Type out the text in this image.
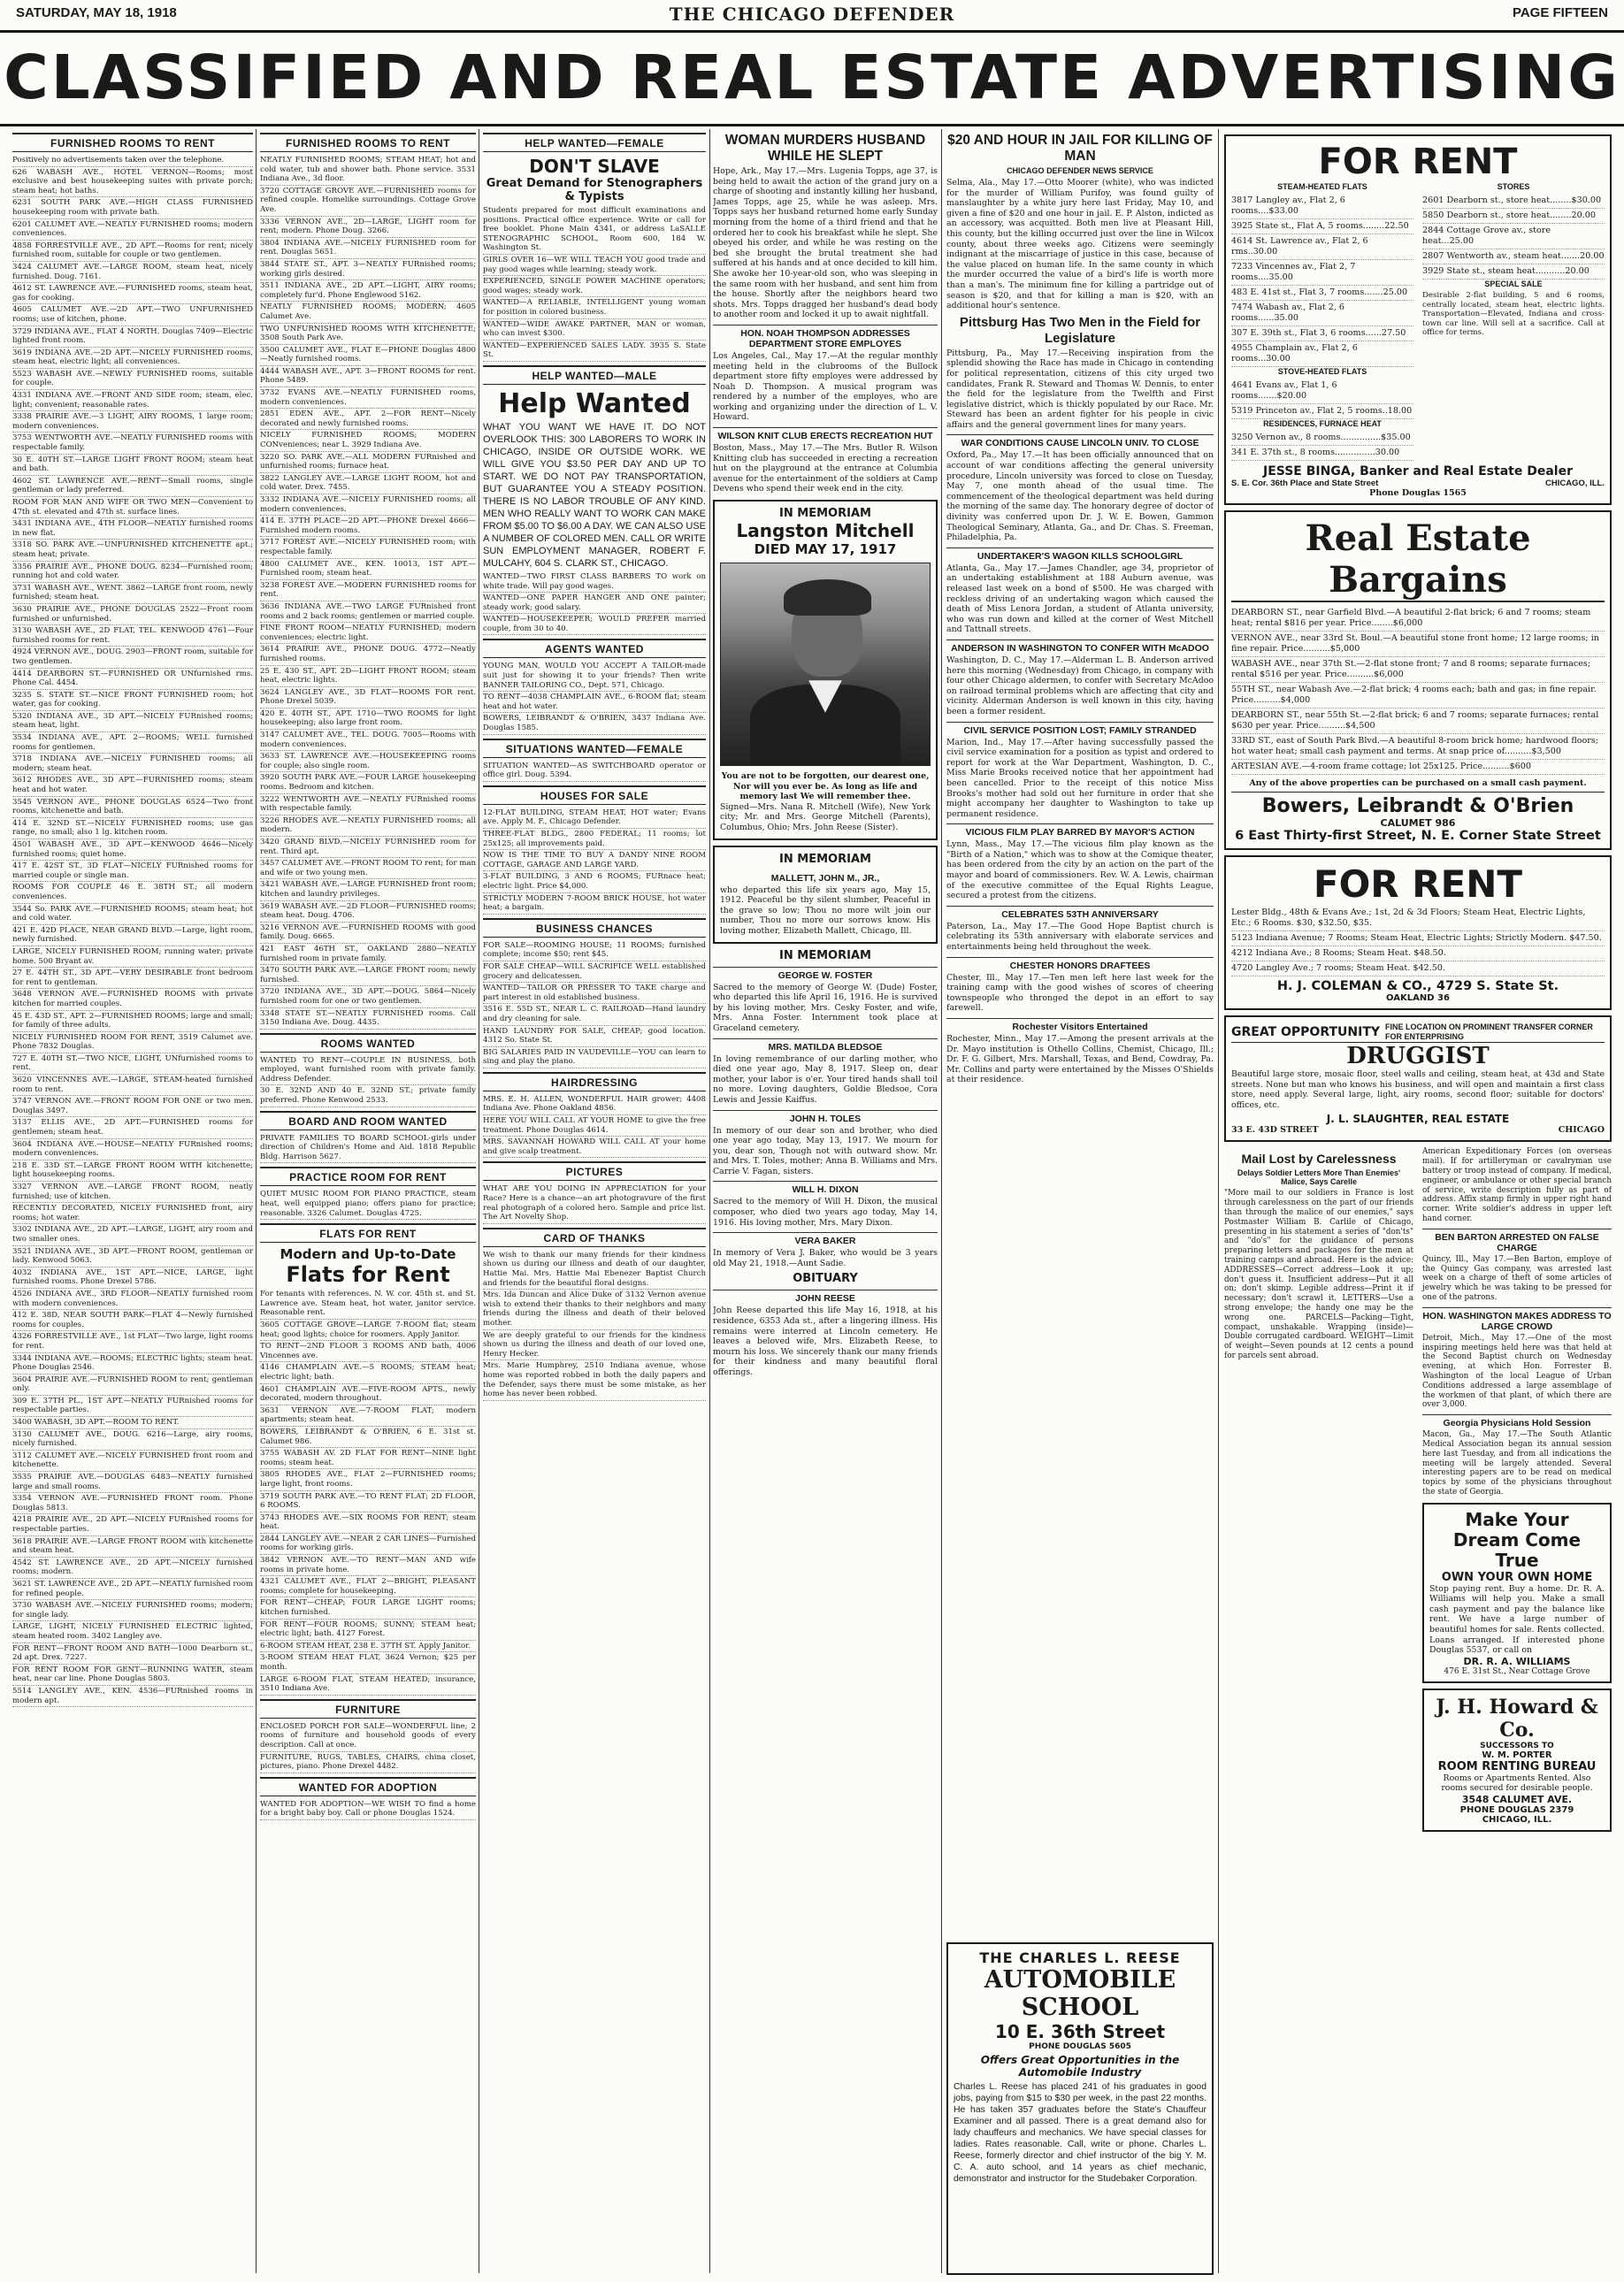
SATURDAY, MAY 18, 1918	THE CHICAGO DEFENDER	PAGE FIFTEEN
CLASSIFIED AND REAL ESTATE ADVERTISING
FURNISHED ROOMS TO RENT
Positively no advertisements taken over the telephone.
626 WABASH AVE., HOTEL VERNON—Rooms; most exclusive and best housekeeping suites with private porch; steam heat; hot baths.
6231 SOUTH PARK AVE.—HIGH CLASS FURNISHED housekeeping room with private bath.
6201 CALUMET AVE.—NEATLY FURNISHED rooms; modern conveniences.
4858 FORRESTVILLE AVE., 2D APT.—Rooms for rent; nicely furnished room, suitable for couple or two gentlemen.
3424 CALUMET AVE.—LARGE ROOM, steam heat, nicely furnished. Doug. 7161.
4612 ST. LAWRENCE AVE.—FURNISHED rooms, steam heat, gas for cooking.
4605 CALUMET AVE.—2D APT.—TWO UNFURNISHED rooms; use of kitchen, phone.
3729 INDIANA AVE., FLAT 4 NORTH. Douglas 7409—Electric lighted front room.
3619 INDIANA AVE.—2D APT.—NICELY FURNISHED rooms, steam heat, electric light; all conveniences.
5523 WABASH AVE.—NEWLY FURNISHED rooms, suitable for couple.
4331 INDIANA AVE.—FRONT AND SIDE room; steam, elec. light; convenient; reasonable rates.
3338 PRAIRIE AVE.—3 LIGHT, AIRY ROOMS, 1 large room; modern conveniences.
3753 WENTWORTH AVE.—NEATLY FURNISHED rooms with respectable family.
30 E. 40TH ST.—LARGE LIGHT FRONT ROOM; steam heat and bath.
4602 ST. LAWRENCE AVE.—RENT—Small rooms, single gentleman or lady preferred.
ROOM FOR MAN AND WIFE OR TWO MEN—Convenient to 47th st. elevated and 47th st. surface lines.
3431 INDIANA AVE., 4TH FLOOR—NEATLY furnished rooms in new flat.
3318 SO. PARK AVE.—UNFURNISHED KITCHENETTE apt.; steam heat; private.
3356 PRAIRIE AVE., PHONE DOUG. 8234—Furnished room; running hot and cold water.
3731 WABASH AVE., WENT. 3862—LARGE front room, newly furnished; steam heat.
3630 PRAIRIE AVE., PHONE DOUGLAS 2522—Front room furnished or unfurnished.
3130 WABASH AVE., 2D FLAT, TEL. KENWOOD 4761—Four furnished rooms for rent.
4924 VERNON AVE., DOUG. 2903—FRONT room, suitable for two gentlemen.
4414 DEARBORN ST.—FURNISHED OR UNfurnished rms. Phone Cal. 4454.
3235 S. STATE ST.—NICE FRONT FURNISHED room; hot water, gas for cooking.
5320 INDIANA AVE., 3D APT.—NICELY FURnished rooms; steam heat, light.
3534 INDIANA AVE., APT. 2—ROOMS; WELL furnished rooms for gentlemen.
3718 INDIANA AVE.—NICELY FURNISHED rooms; all modern; steam heat.
3612 RHODES AVE., 3D APT.—FURNISHED rooms; steam heat and hot water.
3545 VERNON AVE., PHONE DOUGLAS 6524—Two front rooms, kitchenette and bath.
414 E. 32ND ST.—NICELY FURNISHED rooms; use gas range, no small; also 1 lg. kitchen room.
4501 WABASH AVE., 3D APT.—KENWOOD 4646—Nicely furnished rooms; quiet home.
417 E. 42ST ST., 3D FLAT—NICELY FURnished rooms for married couple or single man.
ROOMS FOR COUPLE 46 E. 38TH ST.; all modern conveniences.
3544 So. PARK AVE.—FURNISHED ROOMS; steam heat; hot and cold water.
421 E. 42D PLACE, NEAR GRAND BLVD.—Large, light room, newly furnished.
LARGE, NICELY FURNISHED ROOM; running water; private home. 500 Bryant av.
27 E. 44TH ST., 3D APT.—VERY DESIRABLE front bedroom for rent to gentleman.
3648 VERNON AVE.—FURNISHED ROOMS with private kitchen for married couples.
45 E. 43D ST., APT. 2—FURNISHED ROOMS; large and small; for family of three adults.
NICELY FURNISHED ROOM FOR RENT, 3519 Calumet ave. Phone 7832 Douglas.
727 E. 40TH ST.—TWO NICE, LIGHT, UNfurnished rooms to rent.
3620 VINCENNES AVE.—LARGE, STEAM-heated furnished room to rent.
3747 VERNON AVE.—FRONT ROOM FOR ONE or two men. Douglas 3497.
3137 ELLIS AVE., 2D APT.—FURNISHED rooms for gentlemen; steam heat.
3604 INDIANA AVE.—HOUSE—NEATLY FURnished rooms; modern conveniences.
218 E. 33D ST.—LARGE FRONT ROOM WITH kitchenette; light housekeeping rooms.
3327 VERNON AVE.—LARGE FRONT ROOM, neatly furnished; use of kitchen.
RECENTLY DECORATED, NICELY FURNISHED front, airy rooms; hot water.
3302 INDIANA AVE., 2D APT.—LARGE, LIGHT, airy room and two smaller ones.
3521 INDIANA AVE., 3D APT.—FRONT ROOM, gentleman or lady. Kenwood 5063.
4032 INDIANA AVE., 1ST APT.—NICE, LARGE, light furnished rooms. Phone Drexel 5786.
4526 INDIANA AVE., 3RD FLOOR—NEATLY furnished room with modern conveniences.
412 E. 38D, NEAR SOUTH PARK—FLAT 4—Newly furnished rooms for couples.
4326 FORRESTVILLE AVE., 1st FLAT—Two large, light rooms for rent.
3344 INDIANA AVE.—ROOMS; ELECTRIC lights; steam heat. Phone Douglas 2546.
3604 PRAIRIE AVE.—FURNISHED ROOM to rent; gentleman only.
309 E. 37TH PL., 1ST APT.—NEATLY FURnished rooms for respectable parties.
3400 WABASH, 3D APT.—ROOM TO RENT.
3130 CALUMET AVE., DOUG. 6216—Large, airy rooms, nicely furnished.
3112 CALUMET AVE.—NICELY FURNISHED front room and kitchenette.
3535 PRAIRIE AVE.—DOUGLAS 6483—NEATLY furnished large and small rooms.
3354 VERNON AVE.—FURNISHED FRONT room. Phone Douglas 5813.
4218 PRAIRIE AVE., 2D APT.—NICELY FURnished rooms for respectable parties.
3618 PRAIRIE AVE.—LARGE FRONT ROOM with kitchenette and steam heat.
4542 ST. LAWRENCE AVE., 2D APT.—NICELY furnished rooms; modern.
3621 ST. LAWRENCE AVE., 2D APT.—NEATLY furnished room for refined people.
3730 WABASH AVE.—NICELY FURNISHED rooms; modern; for single lady.
LARGE, LIGHT, NICELY FURNISHED ELECTRIC lighted, steam heated room. 3402 Langley ave.
FOR RENT—FRONT ROOM AND BATH—1000 Dearborn st., 2d apt. Drex. 7227.
FOR RENT ROOM FOR GENT—RUNNING WATER, steam heat, near car line. Phone Douglas 5803.
5514 LANGLEY AVE., KEN. 4536—FURnished rooms in modern apt.
FURNISHED ROOMS TO RENT
NEATLY FURNISHED ROOMS; STEAM HEAT; hot and cold water, tub and shower bath. Phone service. 3531 Indiana Ave., 3d floor.
3720 COTTAGE GROVE AVE.—FURNISHED rooms for refined couple. Homelike surroundings. Cottage Grove Ave.
3336 VERNON AVE., 2D—LARGE, LIGHT room for rent; modern. Phone Doug. 3266.
3804 INDIANA AVE.—NICELY FURNISHED room for rent. Douglas 5651.
3844 STATE ST., APT. 3—NEATLY FURnished rooms; working girls desired.
3511 INDIANA AVE., 2D APT.—LIGHT, AIRY rooms; completely fur'd. Phone Englewood 5162.
NEATLY FURNISHED ROOMS; MODERN; 4605 Calumet Ave.
TWO UNFURNISHED ROOMS WITH KITCHENETTE; 3508 South Park Ave.
3500 CALUMET AVE., FLAT E—PHONE Douglas 4800—Neatly furnished rooms.
4444 WABASH AVE., APT. 3—FRONT ROOMS for rent. Phone 5489.
3732 EVANS AVE.—NEATLY FURNISHED rooms, modern conveniences.
2851 EDEN AVE., APT. 2—FOR RENT—Nicely decorated and newly furnished rooms.
NICELY FURNISHED ROOMS; MODERN CONveniences; near L. 3929 Indiana Ave.
3220 SO. PARK AVE.—ALL MODERN FURnished and unfurnished rooms; furnace heat.
3822 LANGLEY AVE.—LARGE LIGHT ROOM, hot and cold water. Drex. 7455.
3332 INDIANA AVE.—NICELY FURNISHED rooms; all modern conveniences.
414 E. 37TH PLACE—2D APT.—PHONE Drexel 4666—Furnished modern rooms.
3717 FOREST AVE.—NICELY FURNISHED room; with respectable family.
4800 CALUMET AVE., KEN. 10013, 1ST APT.—Furnished room; steam heat.
3238 FOREST AVE.—MODERN FURNISHED rooms for rent.
3636 INDIANA AVE.—TWO LARGE FURnished front rooms and 2 back rooms; gentlemen or married couple.
FINE FRONT ROOM—NEATLY FURNISHED; modern conveniences; electric light.
3614 PRAIRIE AVE., PHONE DOUG. 4772—Neatly furnished rooms.
25 E. 430 ST., APT. 2D—LIGHT FRONT ROOM; steam heat, electric lights.
3624 LANGLEY AVE., 3D FLAT—ROOMS FOR rent. Phone Drexel 5039.
420 E. 40TH ST., APT. 1710—TWO ROOMS for light housekeeping; also large front room.
3147 CALUMET AVE., TEL. DOUG. 7005—Rooms with modern conveniences.
3633 ST. LAWRENCE AVE.—HOUSEKEEPING rooms for couple; also single room.
3920 SOUTH PARK AVE.—FOUR LARGE housekeeping rooms. Bedroom and kitchen.
3222 WENTWORTH AVE.—NEATLY FURnished rooms with respectable family.
3226 RHODES AVE.—NEATLY FURNISHED rooms; all modern.
3420 GRAND BLVD.—NICELY FURNISHED room for rent. Third apt.
3457 CALUMET AVE.—FRONT ROOM TO rent; for man and wife or two young men.
3421 WABASH AVE.—LARGE FURNISHED front room; kitchen and laundry privileges.
3619 WABASH AVE.—2D FLOOR—FURNISHED rooms; steam heat. Doug. 4706.
3216 VERNON AVE.—FURNISHED ROOMS with good family. Doug. 6665.
421 EAST 46TH ST., OAKLAND 2880—NEATLY furnished room in private family.
3470 SOUTH PARK AVE.—LARGE FRONT room; newly furnished.
3720 INDIANA AVE., 3D APT.—DOUG. 5864—Nicely furnished room for one or two gentlemen.
3348 STATE ST.—NEATLY FURNISHED rooms. Call 3150 Indiana Ave. Doug. 4435.
ROOMS WANTED
WANTED TO RENT—COUPLE IN BUSINESS, both employed, want furnished room with private family. Address Defender.
30 E. 32ND AND 40 E. 32ND ST.; private family preferred. Phone Kenwood 2533.
BOARD AND ROOM WANTED
PRIVATE FAMILIES TO BOARD SCHOOL-girls under direction of Children's Home and Aid. 1818 Republic Bldg. Harrison 5627.
PRACTICE ROOM FOR RENT
QUIET MUSIC ROOM FOR PIANO PRACTICE, steam heat, well equipped piano; offers piano for practice; reasonable. 3326 Calumet. Douglas 4725.
FLATS FOR RENT
Modern and Up-to-Date
Flats for Rent
For tenants with references. N. W. cor. 45th st. and St. Lawrence ave. Steam heat, hot water, janitor service. Reasonable rent.
3605 COTTAGE GROVE—LARGE 7-ROOM flat; steam heat; good lights; choice for roomers. Apply Janitor.
TO RENT—2ND FLOOR 3 ROOMS AND bath, 4006 Vincennes ave.
4146 CHAMPLAIN AVE.—5 ROOMS; STEAM heat; electric light; bath.
4601 CHAMPLAIN AVE.—FIVE-ROOM APTS., newly decorated, modern throughout.
3631 VERNON AVE.—7-ROOM FLAT; modern apartments; steam heat.
BOWERS, LEIBRANDT & O'BRIEN, 6 E. 31st st. Calumet 986.
3755 WABASH AV. 2D FLAT FOR RENT—NINE light rooms; steam heat.
3805 RHODES AVE., FLAT 2—FURNISHED rooms; large light, front rooms.
3719 SOUTH PARK AVE.—TO RENT FLAT; 2D FLOOR, 6 ROOMS.
3743 RHODES AVE.—SIX ROOMS FOR RENT; steam heat.
2844 LANGLEY AVE.—NEAR 2 CAR LINES—Furnished rooms for working girls.
3842 VERNON AVE.—TO RENT—MAN AND wife rooms in private home.
4321 CALUMET AVE., FLAT 2—BRIGHT, PLEASANT rooms; complete for housekeeping.
FOR RENT—CHEAP; FOUR LARGE LIGHT rooms; kitchen furnished.
FOR RENT—FOUR ROOMS; SUNNY; STEAM heat; electric light; bath. 4127 Forest.
6-ROOM STEAM HEAT, 238 E. 37TH ST. Apply Janitor.
3-ROOM STEAM HEAT FLAT, 3624 Vernon; $25 per month.
LARGE 6-ROOM FLAT, STEAM HEATED; insurance, 3510 Indiana Ave.
FURNITURE
ENCLOSED PORCH FOR SALE—WONDERFUL line; 2 rooms of furniture and household goods of every description. Call at once.
FURNITURE, RUGS, TABLES, CHAIRS, china closet, pictures, piano. Phone Drexel 4482.
WANTED FOR ADOPTION
WANTED FOR ADOPTION—WE WISH TO find a home for a bright baby boy. Call or phone Douglas 1524.
HELP WANTED—FEMALE
DON'T SLAVE
Great Demand for Stenographers & Typists
Students prepared for most difficult examinations and positions. Practical office experience. Write or call for free booklet. Phone Main 4341, or address LaSALLE STENOGRAPHIC SCHOOL, Room 600, 184 W. Washington St.
GIRLS OVER 16—WE WILL TEACH YOU good trade and pay good wages while learning; steady work.
EXPERIENCED, SINGLE POWER MACHINE operators; good wages; steady work.
WANTED—A RELIABLE, INTELLIGENT young woman for position in colored business.
WANTED—WIDE AWAKE PARTNER, MAN or woman, who can invest $300.
WANTED—EXPERIENCED SALES LADY. 3935 S. State St.
HELP WANTED—MALE
Help Wanted
WHAT YOU WANT WE HAVE IT. DO NOT OVERLOOK THIS: 300 LABORERS TO WORK IN CHICAGO, INSIDE OR OUTSIDE WORK. WE WILL GIVE YOU $3.50 PER DAY AND UP TO START. WE DO NOT PAY TRANSPORTATION, BUT GUARANTEE YOU A STEADY POSITION. THERE IS NO LABOR TROUBLE OF ANY KIND. MEN WHO REALLY WANT TO WORK CAN MAKE FROM $5.00 TO $6.00 A DAY. WE CAN ALSO USE A NUMBER OF COLORED MEN. CALL OR WRITE SUN EMPLOYMENT MANAGER, ROBERT F. MULCAHY, 604 S. CLARK ST., CHICAGO.
WANTED—TWO FIRST CLASS BARBERS TO work on white trade. Will pay good wages.
WANTED—ONE PAPER HANGER AND ONE painter; steady work; good salary.
WANTED—HOUSEKEEPER; WOULD PREFER married couple, from 30 to 40.
AGENTS WANTED
YOUNG MAN, WOULD YOU ACCEPT A TAILOR-made suit just for showing it to your friends? Then write BANNER TAILORING CO., Dept. 571, Chicago.
TO RENT—4038 CHAMPLAIN AVE., 6-ROOM flat; steam heat and hot water.
BOWERS, LEIBRANDT & O'BRIEN, 3437 Indiana Ave. Douglas 1585.
SITUATIONS WANTED—FEMALE
SITUATION WANTED—AS SWITCHBOARD operator or office girl. Doug. 5394.
HOUSES FOR SALE
12-FLAT BUILDING, STEAM HEAT, HOT water; Evans ave. Apply M. F., Chicago Defender.
THREE-FLAT BLDG., 2800 FEDERAL; 11 rooms; lot 25x125; all improvements paid.
NOW IS THE TIME TO BUY A DANDY NINE ROOM COTTAGE, GARAGE AND LARGE YARD.
3-FLAT BUILDING, 3 AND 6 ROOMS; FURnace heat; electric light. Price $4,000.
STRICTLY MODERN 7-ROOM BRICK HOUSE, hot water heat; a bargain.
BUSINESS CHANCES
FOR SALE—ROOMING HOUSE; 11 ROOMS; furnished complete; income $50; rent $45.
FOR SALE CHEAP—WILL SACRIFICE WELL established grocery and delicatessen.
WANTED—TAILOR OR PRESSER TO TAKE charge and part interest in old established business.
3516 E. 55D ST., NEAR L. C. RAILROAD—Hand laundry and dry cleaning for sale.
HAND LAUNDRY FOR SALE, CHEAP; good location. 4312 So. State St.
BIG SALARIES PAID IN VAUDEVILLE—YOU can learn to sing and play the piano.
HAIRDRESSING
MRS. E. H. ALLEN, WONDERFUL HAIR grower; 4408 Indiana Ave. Phone Oakland 4856.
HERE YOU WILL CALL AT YOUR HOME to give the free treatment. Phone Douglas 4614.
MRS. SAVANNAH HOWARD WILL CALL AT your home and give scalp treatment.
PICTURES
WHAT ARE YOU DOING IN APPRECIATION for your Race? Here is a chance—an art photogravure of the first real photograph of a colored hero. Sample and price list. The Art Novelty Shop.
CARD OF THANKS
We wish to thank our many friends for their kindness shown us during our illness and death of our daughter, Hattie Mai. Mrs. Hattie Mai Ebenezer Baptist Church and friends for the beautiful floral designs.
Mrs. Ida Duncan and Alice Duke of 3132 Vernon avenue wish to extend their thanks to their neighbors and many friends during the illness and death of their beloved mother.
We are deeply grateful to our friends for the kindness shown us during the illness and death of our loved one, Henry Hecker.
Mrs. Marie Humphrey, 2510 Indiana avenue, whose home was reported robbed in both the daily papers and the Defender, says there must be some mistake, as her home has never been robbed.
WOMAN MURDERS HUSBAND WHILE HE SLEPT
Hope, Ark., May 17.—Mrs. Lugenia Topps, age 37, is being held to await the action of the grand jury on a charge of shooting and instantly killing her husband, James Topps, age 25, while he was asleep. Mrs. Topps says her husband returned home early Sunday morning from the home of a third friend and that he ordered her to cook his breakfast while he slept. She obeyed his order, and while he was resting on the bed she brought the brutal treatment she had suffered at his hands and at once decided to kill him. She awoke her 10-year-old son, who was sleeping in the same room with her husband, and sent him from the house. Shortly after the neighbors heard two shots. Mrs. Topps dragged her husband's dead body to another room and locked it up to await nightfall.
HON. NOAH THOMPSON ADDRESSES DEPARTMENT STORE EMPLOYES
Los Angeles, Cal., May 17.—At the regular monthly meeting held in the clubrooms of the Bullock department store fifty employes were addressed by Noah D. Thompson. A musical program was rendered by a number of the employes, who are working and organizing under the direction of L. V. Howard.
WILSON KNIT CLUB ERECTS RECREATION HUT
Boston, Mass., May 17.—The Mrs. Butler R. Wilson Knitting club has succeeded in erecting a recreation hut on the playground at the entrance at Columbia avenue for the entertainment of the soldiers at Camp Devens who spend their week end in the city.
IN MEMORIAM
Langston Mitchell
DIED MAY 17, 1917
You are not to be forgotten, our dearest one, Nor will you ever be. As long as life and memory last We will remember thee.
Signed—Mrs. Nana R. Mitchell (Wife), New York city; Mr. and Mrs. George Mitchell (Parents), Columbus, Ohio; Mrs. John Reese (Sister).
IN MEMORIAM
MALLETT, JOHN M., JR.,
who departed this life six years ago, May 15, 1912. Peaceful be thy silent slumber, Peaceful in the grave so low; Thou no more wilt join our number, Thou no more our sorrows know. His loving mother, Elizabeth Mallett, Chicago, Ill.
IN MEMORIAM
GEORGE W. FOSTER
Sacred to the memory of George W. (Dude) Foster, who departed this life April 16, 1916. He is survived by his loving mother, Mrs. Cesky Foster, and wife, Mrs. Anna Foster. Internment took place at Graceland cemetery.
MRS. MATILDA BLEDSOE
In loving remembrance of our darling mother, who died one year ago, May 8, 1917. Sleep on, dear mother, your labor is o'er. Your tired hands shall toil no more. Loving daughters, Goldie Bledsoe, Cora Lewis and Jessie Kaiffus.
JOHN H. TOLES
In memory of our dear son and brother, who died one year ago today, May 13, 1917. We mourn for you, dear son, Though not with outward show. Mr. and Mrs. T. Toles, mother; Anna B. Williams and Mrs. Carrie V. Fagan, sisters.
WILL H. DIXON
Sacred to the memory of Will H. Dixon, the musical composer, who died two years ago today, May 14, 1916. His loving mother, Mrs. Mary Dixon.
VERA BAKER
In memory of Vera J. Baker, who would be 3 years old May 21, 1918.—Aunt Sadie.
OBITUARY
JOHN REESE
John Reese departed this life May 16, 1918, at his residence, 6353 Ada st., after a lingering illness. His remains were interred at Lincoln cemetery. He leaves a beloved wife, Mrs. Elizabeth Reese, to mourn his loss. We sincerely thank our many friends for their kindness and many beautiful floral offerings.
$20 AND HOUR IN JAIL FOR KILLING OF MAN
CHICAGO DEFENDER NEWS SERVICE
Selma, Ala., May 17.—Otto Moorer (white), who was indicted for the murder of William Purifoy, was found guilty of manslaughter by a white jury here last Friday, May 10, and given a fine of $20 and one hour in jail. E. P. Alston, indicted as an accessory, was acquitted. Both men live at Pleasant Hill, this county, but the killing occurred just over the line in Wilcox county, about three weeks ago. Citizens were seemingly indignant at the miscarriage of justice in this case, because of the value placed on human life. In the same county in which the murder occurred the value of a bird's life is worth more than a man's. The minimum fine for killing a partridge out of season is $20, and that for killing a man is $20, with an additional hour's sentence.
Pittsburg Has Two Men in the Field for Legislature
Pittsburg, Pa., May 17.—Receiving inspiration from the splendid showing the Race has made in Chicago in contending for political representation, citizens of this city urged two candidates, Frank R. Steward and Thomas W. Dennis, to enter the field for the legislature from the Twelfth and First legislative district, which is thickly populated by our Race. Mr. Steward has been an ardent fighter for his people in civic affairs and the general government lines for many years.
WAR CONDITIONS CAUSE LINCOLN UNIV. TO CLOSE
Oxford, Pa., May 17.—It has been officially announced that on account of war conditions affecting the general university procedure, Lincoln university was forced to close on Tuesday, May 7, one month ahead of the usual time. The commencement of the theological department was held during the morning of the same day. The honorary degree of doctor of divinity was conferred upon Dr. J. W. E. Bowen, Gammon Theological Seminary, Atlanta, Ga., and Dr. Chas. S. Freeman, Philadelphia, Pa.
UNDERTAKER'S WAGON KILLS SCHOOLGIRL
Atlanta, Ga., May 17.—James Chandler, age 34, proprietor of an undertaking establishment at 188 Auburn avenue, was released last week on a bond of $500. He was charged with reckless driving of an undertaking wagon which caused the death of Miss Lenora Jordan, a student of Atlanta university, who was run down and killed at the corner of West Mitchell and Tattnall streets.
ANDERSON IN WASHINGTON TO CONFER WITH McADOO
Washington, D. C., May 17.—Alderman L. B. Anderson arrived here this morning (Wednesday) from Chicago, in company with four other Chicago aldermen, to confer with Secretary McAdoo on railroad terminal problems which are affecting that city and vicinity. Alderman Anderson is well known in this city, having been a former resident.
CIVIL SERVICE POSITION LOST; FAMILY STRANDED
Marion, Ind., May 17.—After having successfully passed the civil service examination for a position as typist and ordered to report for work at the War Department, Washington, D. C., Miss Marie Brooks received notice that her appointment had been cancelled. Prior to the receipt of this notice Miss Brooks's mother had sold out her furniture in order that she might accompany her daughter to Washington to take up permanent residence.
VICIOUS FILM PLAY BARRED BY MAYOR'S ACTION
Lynn, Mass., May 17.—The vicious film play known as the "Birth of a Nation," which was to show at the Comique theater, has been ordered from the city by an action on the part of the mayor and board of commissioners. Rev. W. A. Lewis, chairman of the executive committee of the Equal Rights League, secured a protest from the citizens.
CELEBRATES 53TH ANNIVERSARY
Paterson, La., May 17.—The Good Hope Baptist church is celebrating its 53th anniversary with elaborate services and entertainments being held throughout the week.
CHESTER HONORS DRAFTEES
Chester, Ill., May 17.—Ten men left here last week for the training camp with the good wishes of scores of cheering townspeople who thronged the depot in an effort to say farewell.
Rochester Visitors Entertained
Rochester, Minn., May 17.—Among the present arrivals at the Dr. Mayo institution is Othello Collins, Chemist, Chicago, Ill.; Dr. F. G. Gilbert, Mrs. Marshall, Texas, and Bend, Cowdray, Pa. Mr. Collins and party were entertained by the Misses O'Shields at their residence.
THE CHARLES L. REESE
AUTOMOBILE SCHOOL
10 E. 36th Street
PHONE DOUGLAS 5605
Offers Great Opportunities in the Automobile Industry
Charles L. Reese has placed 241 of his graduates in good jobs, paying from $15 to $30 per week, in the past 22 months. He has taken 357 graduates before the State's Chauffeur Examiner and all passed. There is a great demand also for lady chauffeurs and mechanics. We have special classes for ladies. Rates reasonable. Call, write or phone. Charles L. Reese, formerly director and chief instructor of the big Y. M. C. A. auto school, and 14 years as chief mechanic, demonstrator and instructor for the Studebaker Corporation.
FOR RENT
STEAM-HEATED FLATS
3817 Langley av., Flat 2, 6 rooms....$33.00
3925 State st., Flat A, 5 rooms........22.50
4614 St. Lawrence av., Flat 2, 6 rms..30.00
7233 Vincennes av., Flat 2, 7 rooms....35.00
483 E. 41st st., Flat 3, 7 rooms.......25.00
7474 Wabash av., Flat 2, 6 rooms......35.00
307 E. 39th st., Flat 3, 6 rooms......27.50
4955 Champlain av., Flat 2, 6 rooms...30.00
STOVE-HEATED FLATS
4641 Evans av., Flat 1, 6 rooms.......$20.00
5319 Princeton av., Flat 2, 5 rooms..18.00
RESIDENCES, FURNACE HEAT
3250 Vernon av., 8 rooms...............$35.00
341 E. 37th st., 8 rooms...............30.00
STORES
2601 Dearborn st., store heat........$30.00
5850 Dearborn st., store heat........20.00
2844 Cottage Grove av., store heat...25.00
2807 Wentworth av., steam heat.......20.00
3929 State st., steam heat...........20.00
SPECIAL SALE
Desirable 2-flat building, 5 and 6 rooms, centrally located, steam heat, electric lights. Transportation—Elevated, Indiana and cross-town car line. Will sell at a sacrifice. Call at office for terms.
JESSE BINGA, Banker and Real Estate Dealer
S. E. Cor. 36th Place and State Street	CHICAGO, ILL.
Phone Douglas 1565
Real Estate Bargains
DEARBORN ST., near Garfield Blvd.—A beautiful 2-flat brick; 6 and 7 rooms; steam heat; rental $816 per year. Price........$6,000
VERNON AVE., near 33rd St. Boul.—A beautiful stone front home; 12 large rooms; in fine repair. Price..........$5,000
WABASH AVE., near 37th St.—2-flat stone front; 7 and 8 rooms; separate furnaces; rental $516 per year. Price..........$6,000
55TH ST., near Wabash Ave.—2-flat brick; 4 rooms each; bath and gas; in fine repair. Price..........$4,000
DEARBORN ST., near 55th St.—2-flat brick; 6 and 7 rooms; separate furnaces; rental $630 per year. Price..........$4,500
33RD ST., east of South Park Blvd.—A beautiful 8-room brick home; hardwood floors; hot water heat; small cash payment and terms. At snap price of..........$3,500
ARTESIAN AVE.—4-room frame cottage; lot 25x125. Price..........$600
Any of the above properties can be purchased on a small cash payment.
Bowers, Leibrandt & O'Brien
CALUMET 986
6 East Thirty-first Street, N. E. Corner State Street
FOR RENT
Lester Bldg., 48th & Evans Ave.; 1st, 2d & 3d Floors; Steam Heat, Electric Lights, Etc.; 6 Rooms. $30, $32.50, $35.
5123 Indiana Avenue; 7 Rooms; Steam Heat, Electric Lights; Strictly Modern. $47.50.
4212 Indiana Ave.; 8 Rooms; Steam Heat. $48.50.
4720 Langley Ave.; 7 rooms; Steam Heat. $42.50.
H. J. COLEMAN & CO., 4729 S. State St.
OAKLAND 36
GREAT OPPORTUNITY FINE LOCATION ON PROMINENT TRANSFER CORNER FOR ENTERPRISING
DRUGGIST
Beautiful large store, mosaic floor, steel walls and ceiling, steam heat, at 43d and State streets. None but man who knows his business, and will open and maintain a first class store, need apply. Several large, light, airy rooms, second floor; suitable for doctors' offices, etc.
J. L. SLAUGHTER, REAL ESTATE
33 E. 43D STREET	CHICAGO
Mail Lost by Carelessness
Delays Soldier Letters More Than Enemies' Malice, Says Carelle
"More mail to our soldiers in France is lost through carelessness on the part of our friends than through the malice of our enemies," says Postmaster William B. Carlile of Chicago, presenting in his statement a series of "don'ts" and "do's" for the guidance of persons preparing letters and packages for the men at training camps and abroad. Here is the advice: ADDRESSES—Correct address—Look it up; don't guess it. Insufficient address—Put it all on; don't skimp. Legible address—Print it if necessary; don't scrawl it. LETTERS—Use a strong envelope; the handy one may be the wrong one. PARCELS—Packing—Tight, compact, unshakable. Wrapping (inside)—Double corrugated cardboard. WEIGHT—Limit of weight—Seven pounds at 12 cents a pound for parcels sent abroad.
American Expeditionary Forces (on overseas mail). If for artilleryman or cavalryman use battery or troop instead of company. If medical, engineer, or ambulance or other special branch of service, write description fully as part of address. Affix stamp firmly in upper right hand corner. Write soldier's address in upper left hand corner.
BEN BARTON ARRESTED ON FALSE CHARGE
Quincy, Ill., May 17.—Ben Barton, employe of the Quincy Gas company, was arrested last week on a charge of theft of some articles of jewelry which he was taking to be pressed for one of the patrons.
HON. WASHINGTON MAKES ADDRESS TO LARGE CROWD
Detroit, Mich., May 17.—One of the most inspiring meetings held here was that held at the Second Baptist church on Wednesday evening, at which Hon. Forrester B. Washington of the local League of Urban Conditions addressed a large assemblage of the workmen of that plant, of which there are over 3,000.
Georgia Physicians Hold Session
Macon, Ga., May 17.—The South Atlantic Medical Association began its annual session here last Tuesday, and from all indications the meeting will be largely attended. Several interesting papers are to be read on medical topics by some of the physicians throughout the state of Georgia.
Make Your Dream Come True
OWN YOUR OWN HOME
Stop paying rent. Buy a home. Dr. R. A. Williams will help you. Make a small cash payment and pay the balance like rent. We have a large number of beautiful homes for sale. Rents collected. Loans arranged. If interested phone Douglas 5537, or call on
DR. R. A. WILLIAMS
476 E. 31st St., Near Cottage Grove
J. H. Howard & Co.
SUCCESSORS TO
W. M. PORTER
ROOM RENTING BUREAU
Rooms or Apartments Rented. Also rooms secured for desirable people.
3548 CALUMET AVE.
PHONE DOUGLAS 2379
CHICAGO, ILL.
